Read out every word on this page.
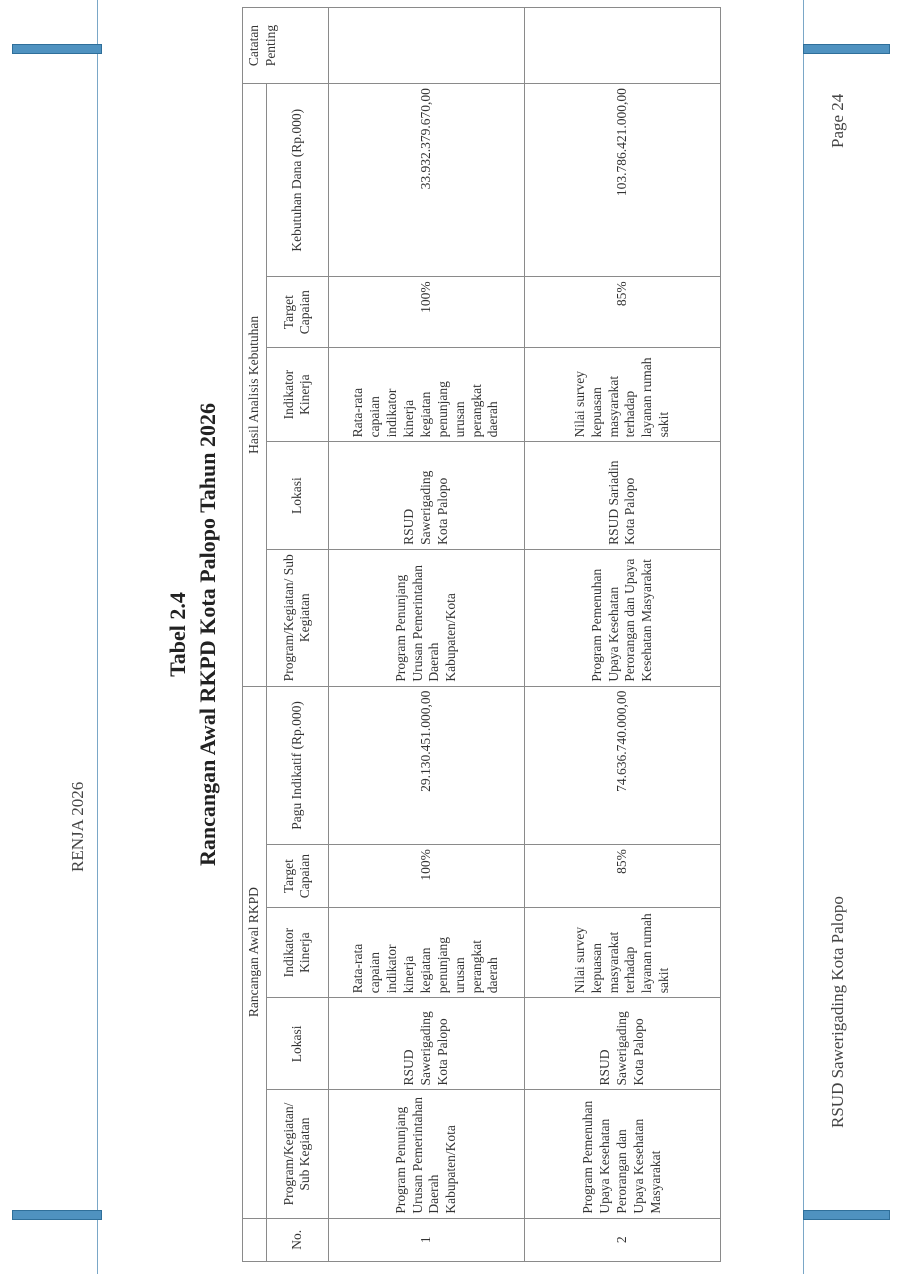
RENJA 2026
RSUD Sawerigading Kota Palopo
Page 24
Tabel 2.4 Rancangan Awal RKPD Kota Palopo Tahun 2026
	Rancangan Awal RKPD					Hasil Analisis Kebutuhan					Catatan Penting
No.	Program/Kegiatan/ Sub Kegiatan	Lokasi	Indikator Kinerja	Target Capaian	Pagu Indikatif (Rp.000)	Program/Kegiatan/ Sub Kegiatan	Lokasi	Indikator Kinerja	Target Capaian	Kebutuhan Dana (Rp.000)	
1	Program Penunjang Urusan Pemerintahan Daerah Kabupaten/Kota	RSUD Sawerigading Kota Palopo	Rata-rata capaian indikator kinerja kegiatan penunjang urusan perangkat daerah	100%	29.130.451.000,00	Program Penunjang Urusan Pemerintahan Daerah Kabupaten/Kota	RSUD Sawerigading Kota Palopo	Rata-rata capaian indikator kinerja kegiatan penunjang urusan perangkat daerah	100%	33.932.379.670,00	
2	Program Pemenuhan Upaya Kesehatan Perorangan dan Upaya Kesehatan Masyarakat	RSUD Sawerigading Kota Palopo	Nilai survey kepuasan masyarakat terhadap layanan rumah sakit	85%	74.636.740.000,00	Program Pemenuhan Upaya Kesehatan Perorangan dan Upaya Kesehatan Masyarakat	RSUD Sariadin Kota Palopo	Nilai survey kepuasan masyarakat terhadap layanan rumah sakit	85%	103.786.421.000,00	
